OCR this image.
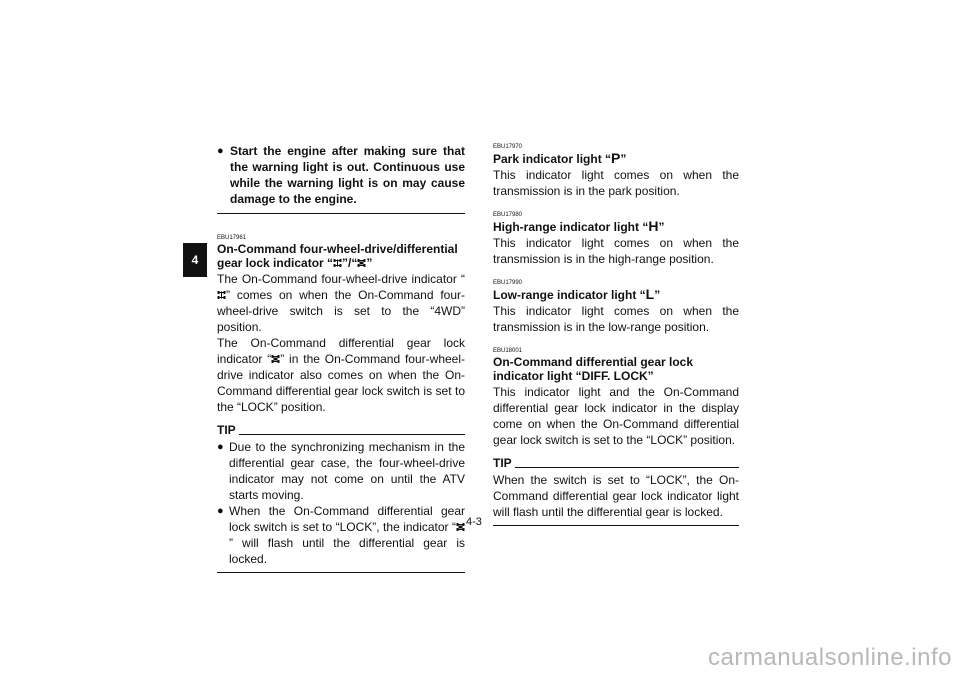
4
● Start the engine after making sure that the warning light is out. Continuous use while the warning light is on may cause damage to the engine.

EBU17961

On-Command four-wheel-drive/differential
gear lock indicator “ ”/“ ”

The On-Command four-wheel-drive indicator “
” comes on when the On-Command four-wheel-drive switch is set to the “4WD” position.

The On-Command differential gear lock indicator “ ” in the On-Command four-wheel-drive indicator also comes on when the On-Command differential gear lock switch is set to the “LOCK” position.

TIP
● Due to the synchronizing mechanism in the differential gear case, the four-wheel-drive indicator may not come on until the ATV starts moving.

● When the On-Command differential gear lock switch is set to “LOCK”, the indicator “
” will flash until the differential gear is locked.

EBU17970

Park indicator light “P”

This indicator light comes on when the transmission is in the park position.

EBU17980

High-range indicator light “H”

This indicator light comes on when the transmission is in the high-range position.

EBU17990

Low-range indicator light “L”

This indicator light comes on when the transmission is in the low-range position.

EBU18001

On-Command differential gear lock indicator light “DIFF. LOCK”

This indicator light and the On-Command differential gear lock indicator in the display come on when the On-Command differential gear lock switch is set to the “LOCK” position.

TIP

When the switch is set to “LOCK”, the On-Command differential gear lock indicator light will flash until the differential gear is locked.

4-3
carmanualsonline.info
